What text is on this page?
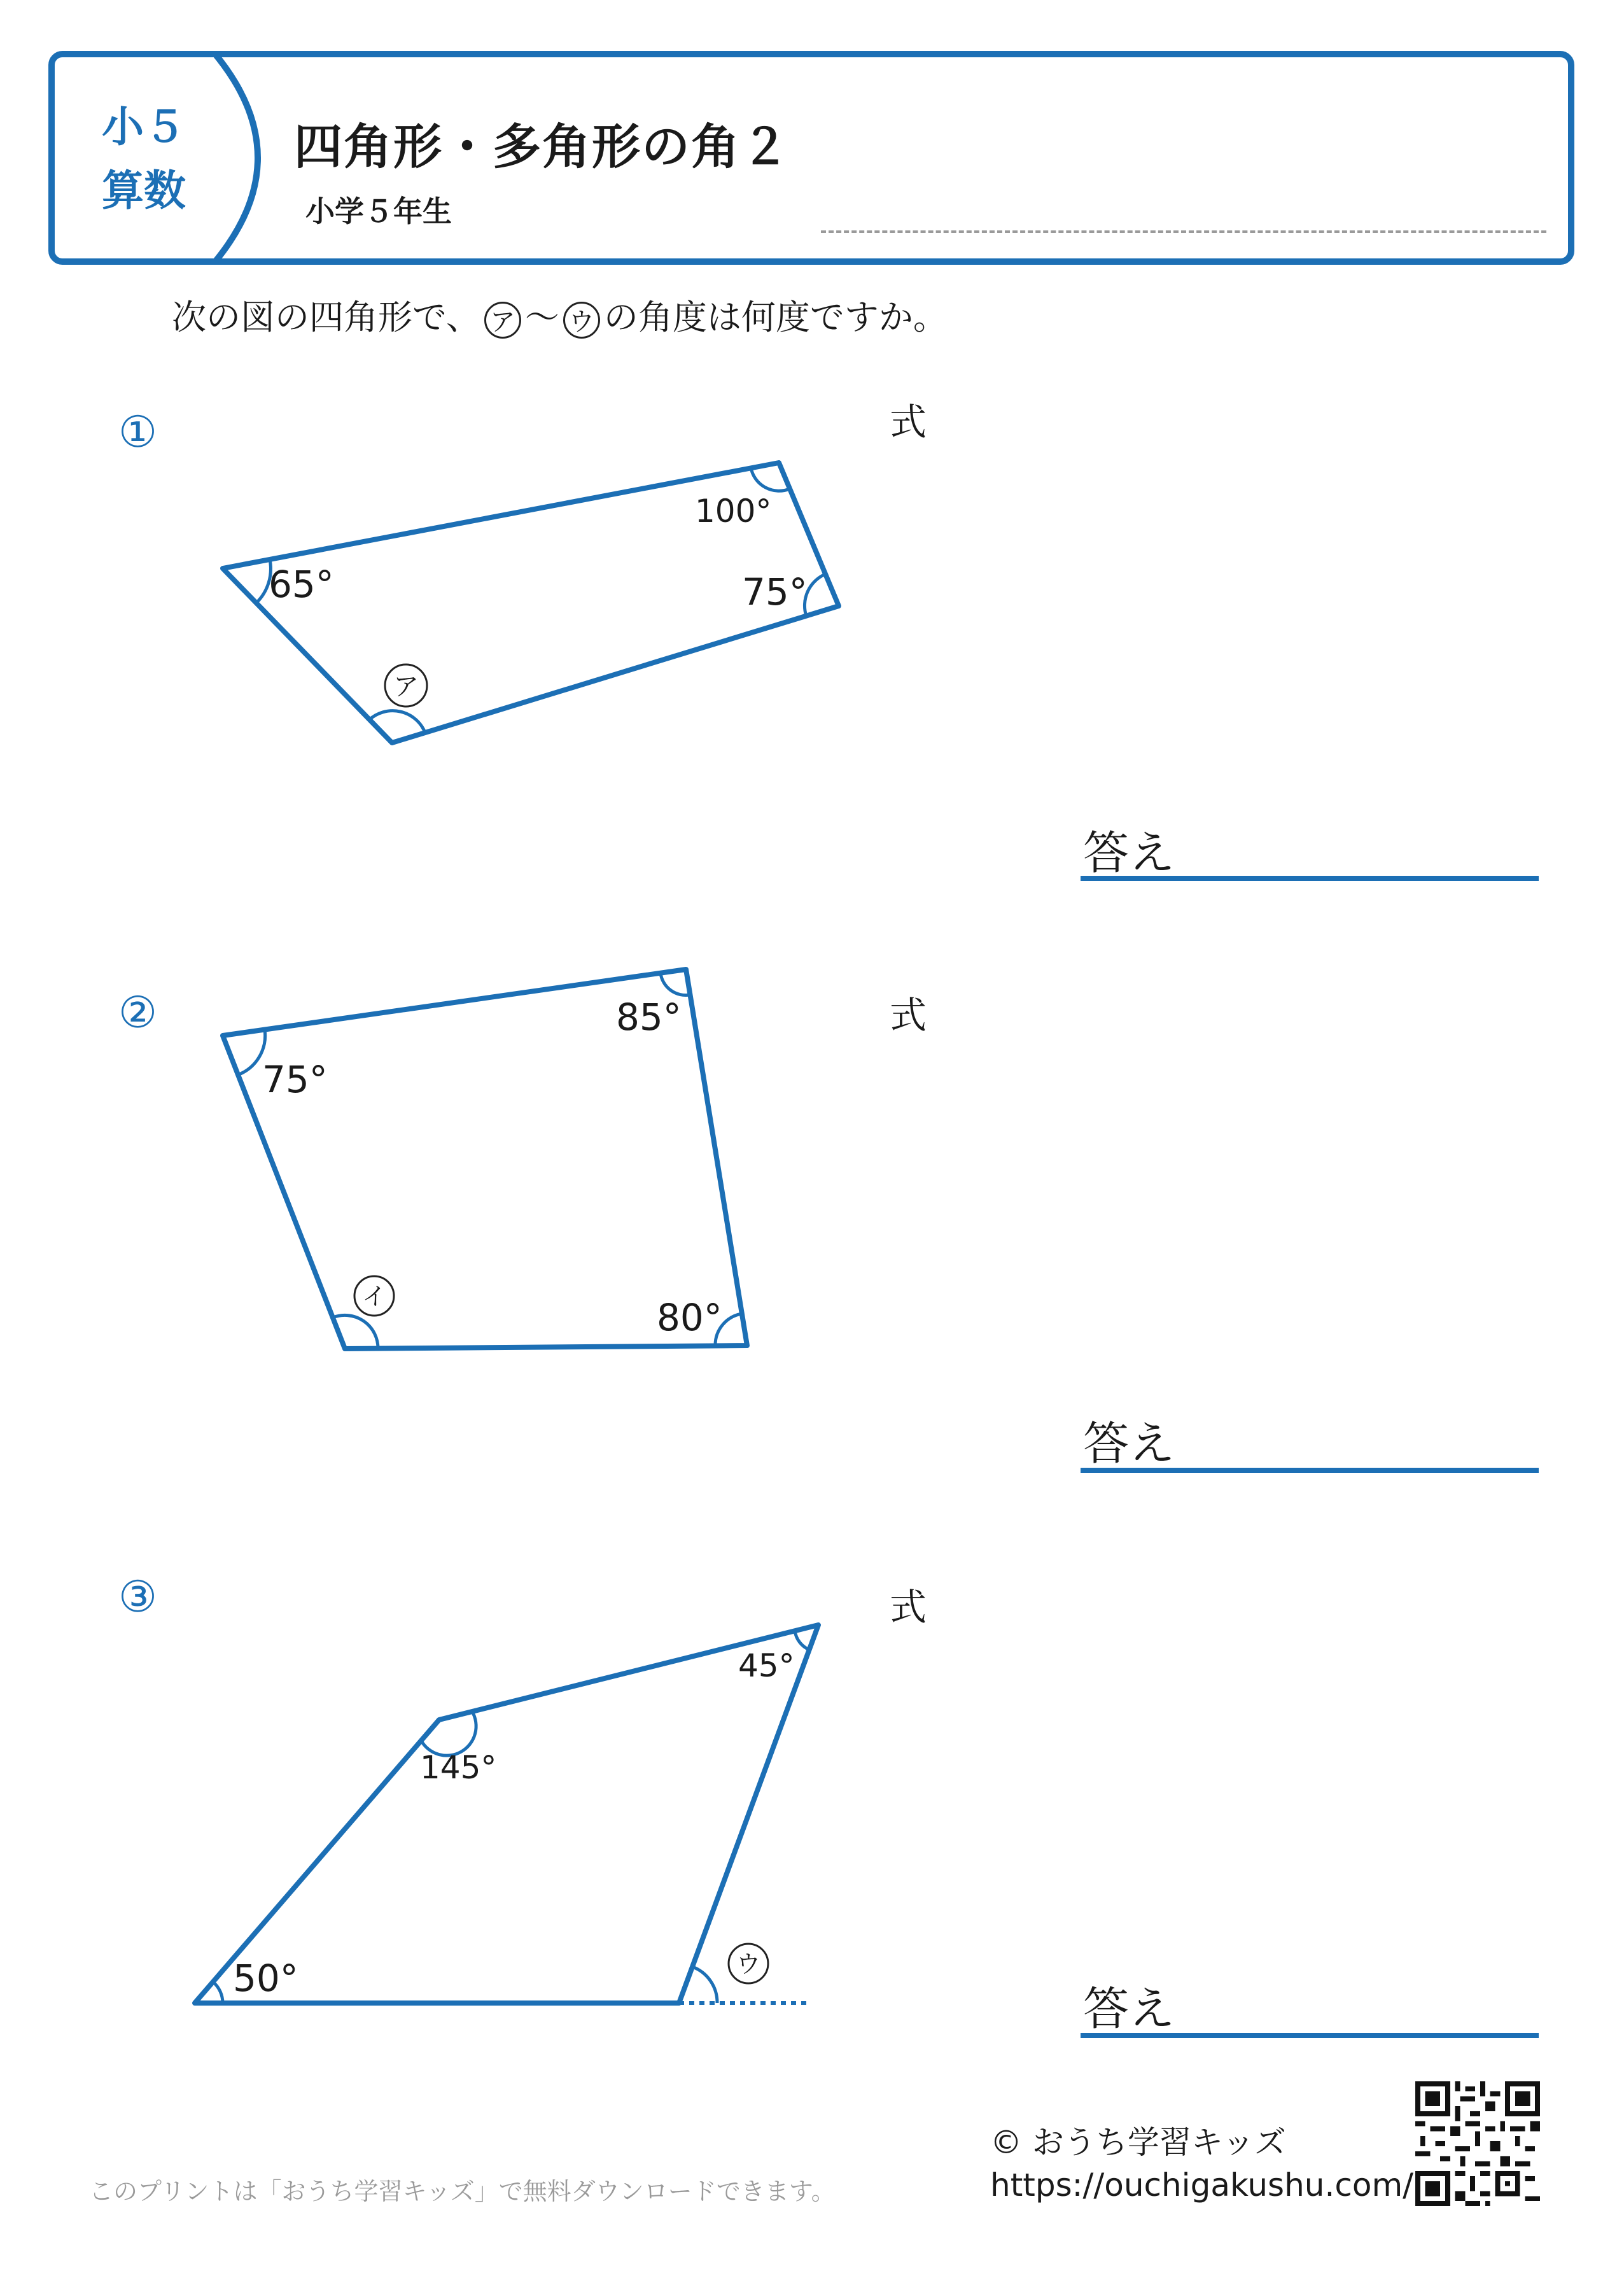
小５
算数
四角形・多角形の角２
小学５年生
次の図の四角形で、 ア 〜 ウ の角度は何度ですか。
①	式
答え
65°
100°
75°
ア
75°
85°
80°
イ
50°
145°
45°
ウ
②	式
答え
③	式
答え
このプリントは「おうち学習キッズ」で無料ダウンロードできます。
© おうち学習キッズ
https://ouchigakushu.com/
